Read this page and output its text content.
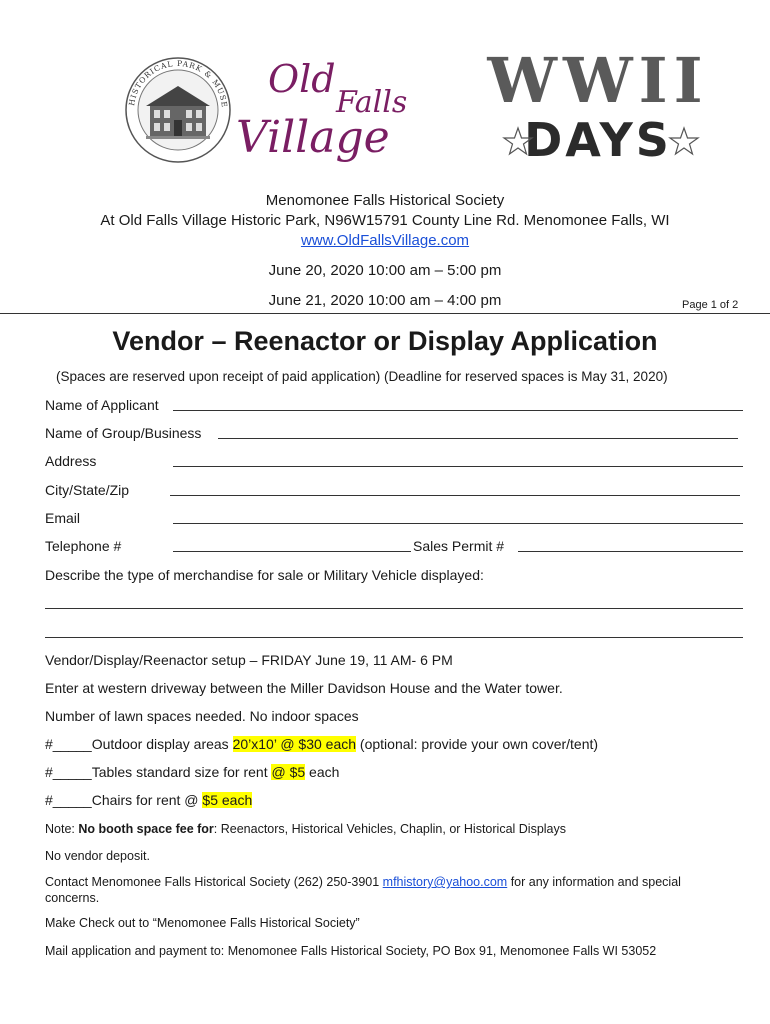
HISTORICAL PARK & MUSE
Old
Falls
Village
WWII
DAYS
Menomonee Falls Historical Society
At Old Falls Village Historic Park, N96W15791 County Line Rd. Menomonee Falls, WI
www.OldFallsVillage.com
June 20, 2020 10:00 am – 5:00 pm
June 21, 2020 10:00 am – 4:00 pm	Page 1 of 2
Vendor – Reenactor or Display Application
(Spaces are reserved upon receipt of paid application) (Deadline for reserved spaces is May 31, 2020)
Name of Applicant
Name of Group/Business
Address
City/State/Zip
Email
Telephone #	Sales Permit #
Describe the type of merchandise for sale or Military Vehicle displayed:
Vendor/Display/Reenactor setup – FRIDAY June 19, 11 AM- 6 PM
Enter at western driveway between the Miller Davidson House and the Water tower.
Number of lawn spaces needed. No indoor spaces
#_____Outdoor display areas 20’x10’ @ $30 each (optional: provide your own cover/tent)
#_____Tables standard size for rent @ $5 each
#_____Chairs for rent @ $5 each
Note: No booth space fee for: Reenactors, Historical Vehicles, Chaplin, or Historical Displays
No vendor deposit.
Contact Menomonee Falls Historical Society (262) 250-3901 mfhistory@yahoo.com for any information and special
concerns.
Make Check out to “Menomonee Falls Historical Society”
Mail application and payment to: Menomonee Falls Historical Society, PO Box 91, Menomonee Falls WI 53052
